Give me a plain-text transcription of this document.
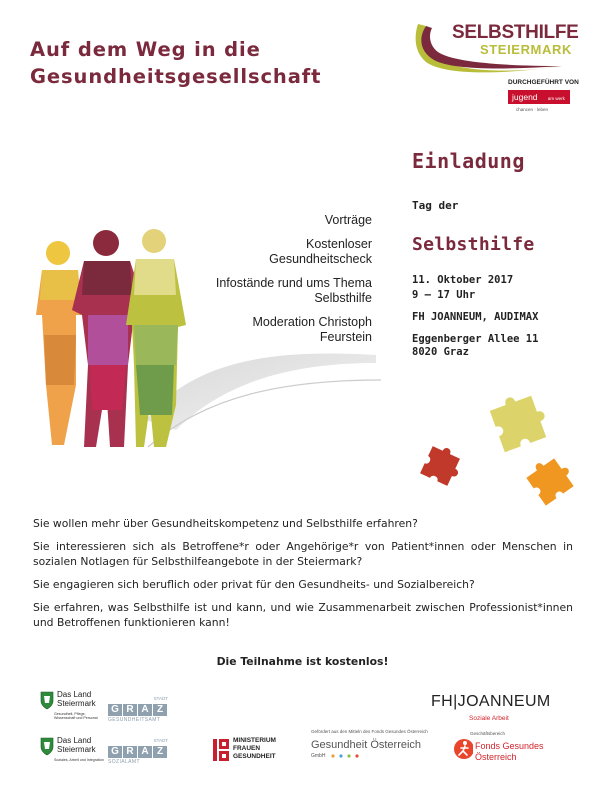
Auf dem Weg in die
Gesundheitsgesellschaft
SELBSTHILFE
STEIERMARK
DURCHGEFÜHRT VON
jugend am werk
chancen · leben
Einladung
Tag der
Selbsthilfe
11. Oktober 2017
9 – 17 Uhr
FH JOANNEUM, AUDIMAX
Eggenberger Allee 11
8020 Graz
Vorträge
Kostenloser Gesundheitscheck
Infostände rund ums Thema Selbsthilfe
Moderation Christoph Feurstein

Sie wollen mehr über Gesundheitskompetenz und Selbsthilfe erfahren?

Sie interessieren sich als Betroffene*r oder Angehörige*r von Patient*innen oder Menschen in sozialen Notlagen für Selbsthilfeangebote in der Steiermark?

Sie engagieren sich beruflich oder privat für den Gesundheits- und Sozialbereich?

Sie erfahren, was Selbsthilfe ist und kann, und wie Zusammenarbeit zwischen Professionist*innen und Betroffenen funktionieren kann!

Die Teilnahme ist kostenlos!
Das Land Steiermark
Gesundheit, Pflege, Wissenschaft und Personal
STADT
G R A Z
GESUNDHEITSAMT
FH|JOANNEUM
Soziale Arbeit
Das Land Steiermark
Soziales, Arbeit und Integration
STADT
G R A Z
SOZIALAMT
MINISTERIUM FRAUEN GESUNDHEIT
Gefördert aus den Mitteln des Fonds Gesundes Österreich
Gesundheit Österreich
GmbH
Geschäftsbereich
Fonds Gesundes
Österreich
